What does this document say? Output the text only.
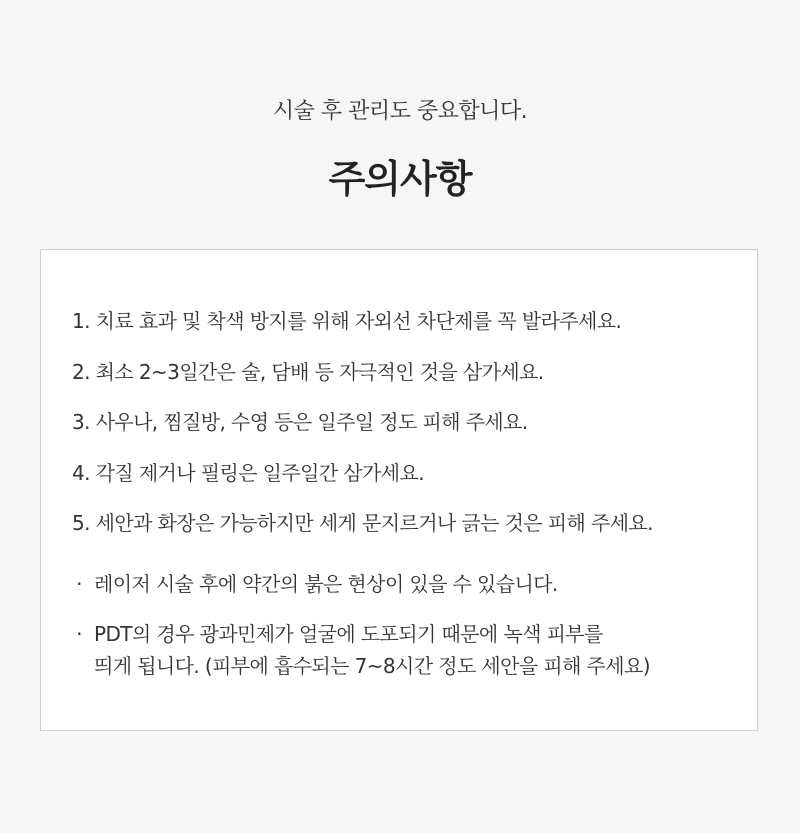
시술 후 관리도 중요합니다.
주의사항
1. 치료 효과 및 착색 방지를 위해 자외선 차단제를 꼭 발라주세요.
2. 최소 2~3일간은 술, 담배 등 자극적인 것을 삼가세요.
3. 사우나, 찜질방, 수영 등은 일주일 정도 피해 주세요.
4. 각질 제거나 필링은 일주일간 삼가세요.
5. 세안과 화장은 가능하지만 세게 문지르거나 긁는 것은 피해 주세요.
· 레이저 시술 후에 약간의 붉은 현상이 있을 수 있습니다.
· PDT의 경우 광과민제가 얼굴에 도포되기 때문에 녹색 피부를
띄게 됩니다. (피부에 흡수되는 7~8시간 정도 세안을 피해 주세요)
